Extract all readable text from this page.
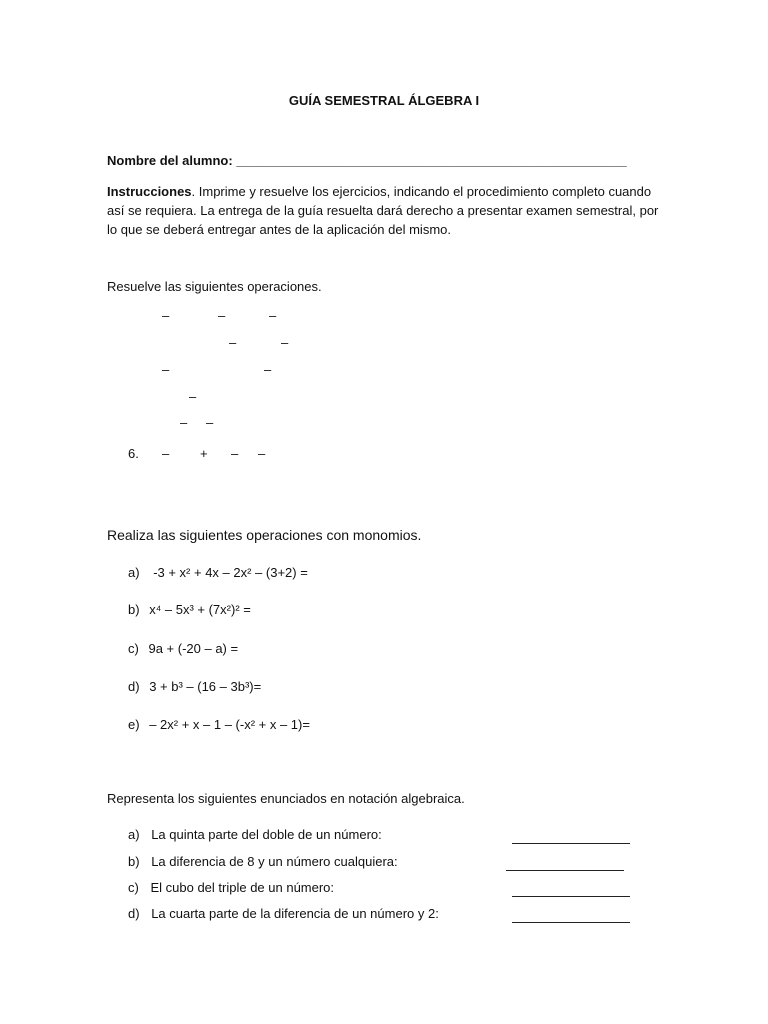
GUÍA SEMESTRAL ÁLGEBRA I
Nombre del alumno: ______________________________________________________
Instrucciones. Imprime y resuelve los ejercicios, indicando el procedimiento completo cuando así se requiera. La entrega de la guía resuelta dará derecho a presentar examen semestral, por lo que se deberá entregar antes de la aplicación del mismo.
Resuelve las siguientes operaciones.
–	–	–
–	–
–	–
–
– –
6. – + – –
Realiza las siguientes operaciones con monomios.
a) -3 + x² + 4x – 2x² – (3+2) =
b) x⁴ – 5x³ + (7x²)² =
c) 9a + (-20 – a) =
d) 3 + b³ – (16 – 3b³)=
e) – 2x² + x – 1 – (-x² + x – 1)=
Representa los siguientes enunciados en notación algebraica.
a) La quinta parte del doble de un número:
b) La diferencia de 8 y un número cualquiera:
c) El cubo del triple de un número:
d) La cuarta parte de la diferencia de un número y 2:
